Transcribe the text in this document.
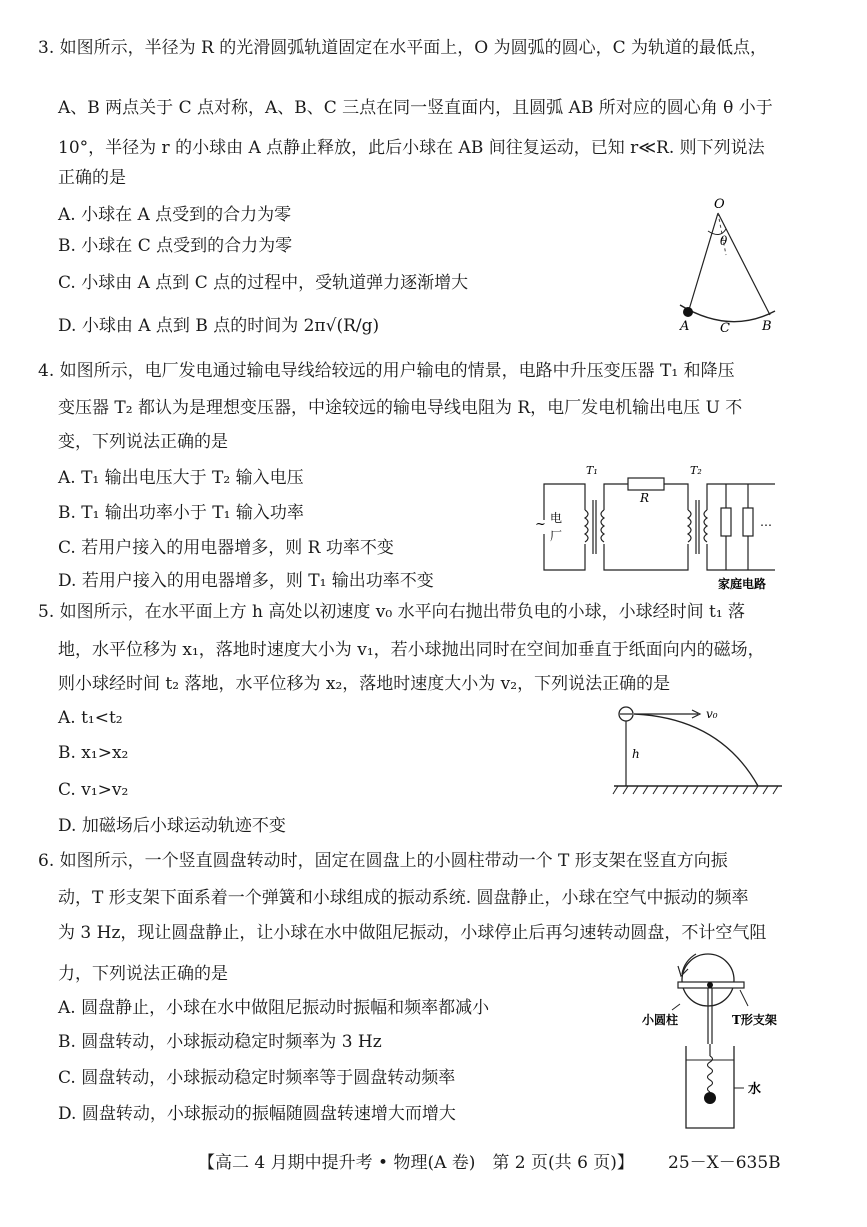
3. 如图所示，半径为 R 的光滑圆弧轨道固定在水平面上，O 为圆弧的圆心，C 为轨道的最低点，
A、B 两点关于 C 点对称，A、B、C 三点在同一竖直面内，且圆弧 AB 所对应的圆心角 θ 小于
10°，半径为 r 的小球由 A 点静止释放，此后小球在 AB 间往复运动，已知 r≪R. 则下列说法
正确的是
A. 小球在 A 点受到的合力为零
B. 小球在 C 点受到的合力为零
C. 小球由 A 点到 C 点的过程中，受轨道弹力逐渐增大
D. 小球由 A 点到 B 点的时间为 2π√(R/g)
O
θ
A C B
4. 如图所示，电厂发电通过输电导线给较远的用户输电的情景，电路中升压变压器 T₁ 和降压
变压器 T₂ 都认为是理想变压器，中途较远的输电导线电阻为 R，电厂发电机输出电压 U 不
变，下列说法正确的是
A. T₁ 输出电压大于 T₂ 输入电压
B. T₁ 输出功率小于 T₁ 输入功率
C. 若用户接入的用电器增多，则 R 功率不变
D. 若用户接入的用电器增多，则 T₁ 输出功率不变
~ 电
厂
T₁
R
T₂
…
家庭电路
5. 如图所示，在水平面上方 h 高处以初速度 v₀ 水平向右抛出带负电的小球，小球经时间 t₁ 落
地，水平位移为 x₁，落地时速度大小为 v₁，若小球抛出同时在空间加垂直于纸面向内的磁场，
则小球经时间 t₂ 落地，水平位移为 x₂，落地时速度大小为 v₂，下列说法正确的是
A. t₁<t₂
B. x₁>x₂
C. v₁>v₂
D. 加磁场后小球运动轨迹不变
v₀
h
6. 如图所示，一个竖直圆盘转动时，固定在圆盘上的小圆柱带动一个 T 形支架在竖直方向振
动，T 形支架下面系着一个弹簧和小球组成的振动系统. 圆盘静止，小球在空气中振动的频率
为 3 Hz，现让圆盘静止，让小球在水中做阻尼振动，小球停止后再匀速转动圆盘，不计空气阻
力，下列说法正确的是
A. 圆盘静止，小球在水中做阻尼振动时振幅和频率都减小
B. 圆盘转动，小球振动稳定时频率为 3 Hz
C. 圆盘转动，小球振动稳定时频率等于圆盘转动频率
D. 圆盘转动，小球振动的振幅随圆盘转速增大而增大
小圆柱	T形支架
水
【高二 4 月期中提升考 • 物理(A 卷)　第 2 页(共 6 页)】 25－X－635B
